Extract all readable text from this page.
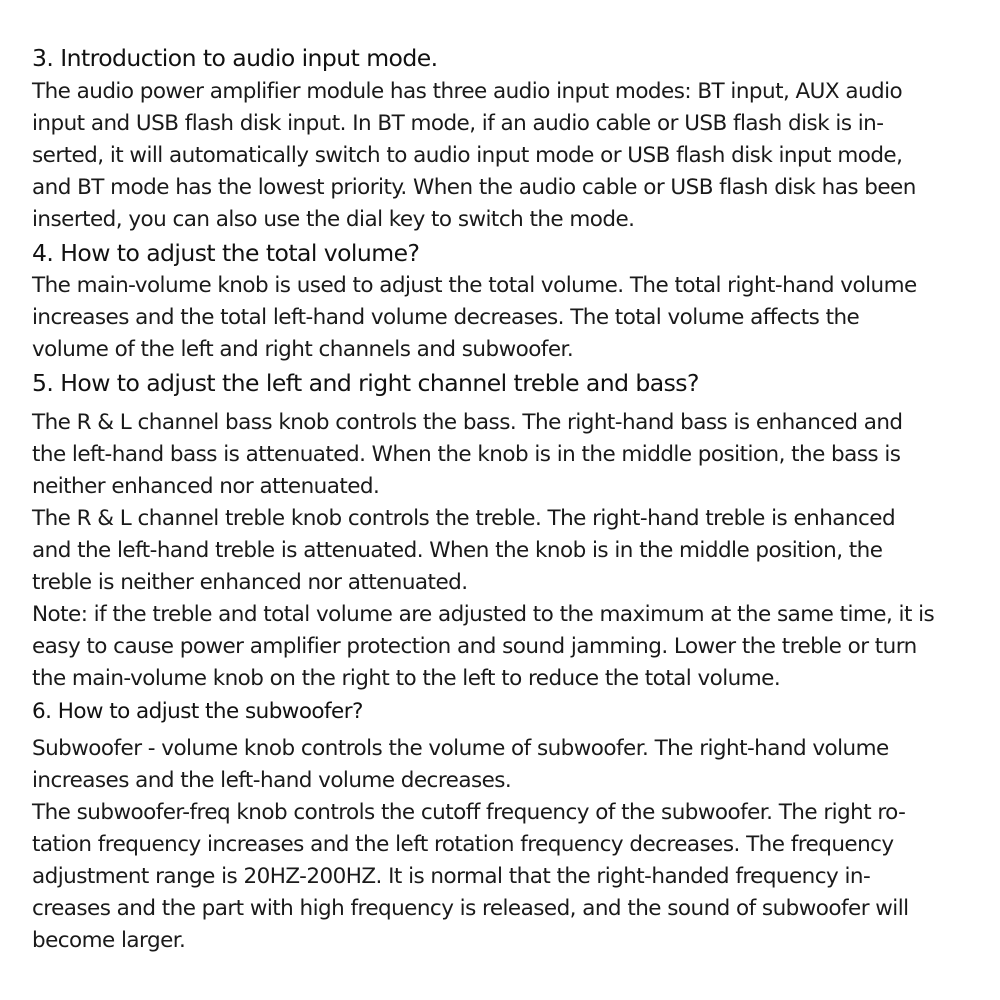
3. Introduction to audio input mode.
The audio power amplifier module has three audio input modes: BT input, AUX audio
input and USB flash disk input. In BT mode, if an audio cable or USB flash disk is in-
serted, it will automatically switch to audio input mode or USB flash disk input mode,
and BT mode has the lowest priority. When the audio cable or USB flash disk has been
inserted, you can also use the dial key to switch the mode.
4. How to adjust the total volume?
The main-volume knob is used to adjust the total volume. The total right-hand volume
increases and the total left-hand volume decreases. The total volume affects the
volume of the left and right channels and subwoofer.
5. How to adjust the left and right channel treble and bass?
The R & L channel bass knob controls the bass. The right-hand bass is enhanced and
the left-hand bass is attenuated. When the knob is in the middle position, the bass is
neither enhanced nor attenuated.
The R & L channel treble knob controls the treble. The right-hand treble is enhanced
and the left-hand treble is attenuated. When the knob is in the middle position, the
treble is neither enhanced nor attenuated.
Note: if the treble and total volume are adjusted to the maximum at the same time, it is
easy to cause power amplifier protection and sound jamming. Lower the treble or turn
the main-volume knob on the right to the left to reduce the total volume.
6. How to adjust the subwoofer?
Subwoofer - volume knob controls the volume of subwoofer. The right-hand volume
increases and the left-hand volume decreases.
The subwoofer-freq knob controls the cutoff frequency of the subwoofer. The right ro-
tation frequency increases and the left rotation frequency decreases. The frequency
adjustment range is 20HZ-200HZ. It is normal that the right-handed frequency in-
creases and the part with high frequency is released, and the sound of subwoofer will
become larger.
